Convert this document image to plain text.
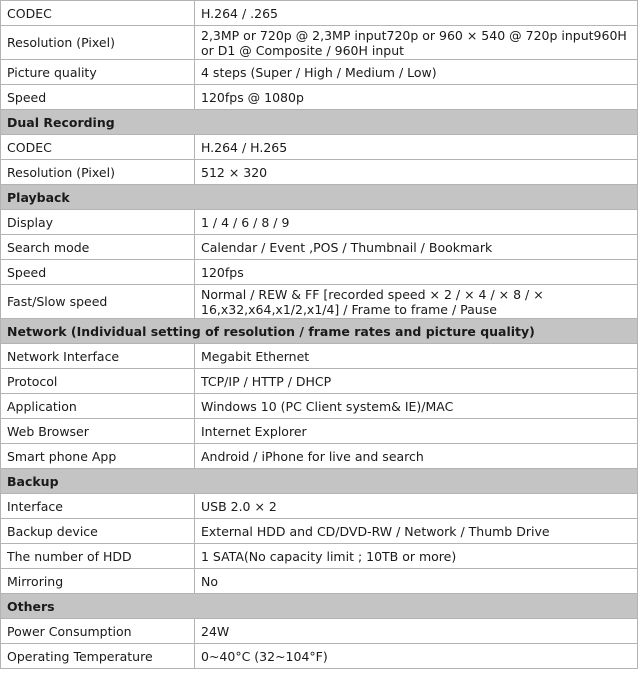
CODEC	H.264 / .265
Resolution (Pixel)	2,3MP or 720p @ 2,3MP input720p or 960 × 540 @ 720p input960H or D1 @ Composite / 960H input
Picture quality	4 steps (Super / High / Medium / Low)
Speed	120fps @ 1080p
Dual Recording	
CODEC	H.264 / H.265
Resolution (Pixel)	512 × 320
Playback	
Display	1 / 4 / 6 / 8 / 9
Search mode	Calendar / Event ,POS / Thumbnail / Bookmark
Speed	120fps
Fast/Slow speed	Normal / REW & FF [recorded speed × 2 / × 4 / × 8 / × 16,x32,x64,x1/2,x1/4] / Frame to frame / Pause
Network (Individual setting of resolution / frame rates and picture quality)	
Network Interface	Megabit Ethernet
Protocol	TCP/IP / HTTP / DHCP
Application	Windows 10 (PC Client system& IE)/MAC
Web Browser	Internet Explorer
Smart phone App	Android / iPhone for live and search
Backup	
Interface	USB 2.0 × 2
Backup device	External HDD and CD/DVD-RW / Network / Thumb Drive
The number of HDD	1 SATA(No capacity limit ; 10TB or more)
Mirroring	No
Others	
Power Consumption	24W
Operating Temperature	0~40°C (32~104°F)
